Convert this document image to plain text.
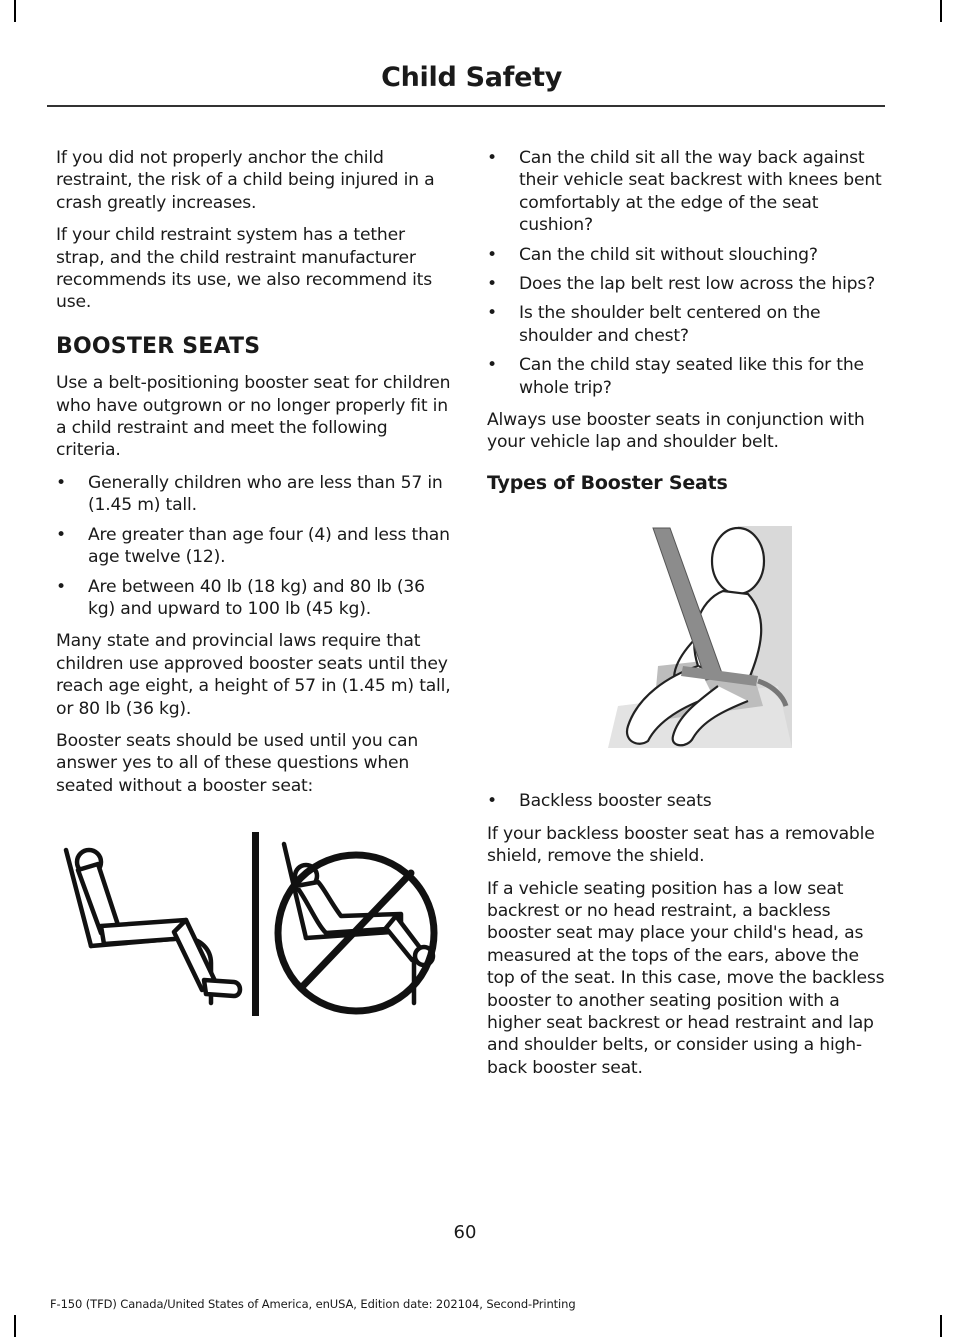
Child Safety

If you did not properly anchor the child restraint, the risk of a child being injured in a crash greatly increases.

If your child restraint system has a tether strap, and the child restraint manufacturer recommends its use, we also recommend its use.

BOOSTER SEATS

Use a belt-positioning booster seat for children who have outgrown or no longer properly fit in a child restraint and meet the following criteria.

• Generally children who are less than 57 in (1.45 m) tall.
• Are greater than age four (4) and less than age twelve (12).
• Are between 40 lb (18 kg) and 80 lb (36 kg) and upward to 100 lb (45 kg).

Many state and provincial laws require that children use approved booster seats until they reach age eight, a height of 57 in (1.45 m) tall, or 80 lb (36 kg).

Booster seats should be used until you can answer yes to all of these questions when seated without a booster seat:

• Can the child sit all the way back against their vehicle seat backrest with knees bent comfortably at the edge of the seat cushion?
• Can the child sit without slouching?
• Does the lap belt rest low across the hips?
• Is the shoulder belt centered on the shoulder and chest?
• Can the child stay seated like this for the whole trip?

Always use booster seats in conjunction with your vehicle lap and shoulder belt.

Types of Booster Seats
• Backless booster seats

If your backless booster seat has a removable shield, remove the shield.

If a vehicle seating position has a low seat backrest or no head restraint, a backless booster seat may place your child's head, as measured at the tops of the ears, above the top of the seat. In this case, move the backless booster to another seating position with a higher seat backrest or head restraint and lap and shoulder belts, or consider using a high-back booster seat.

60
F-150 (TFD) Canada/United States of America, enUSA, Edition date: 202104, Second-Printing
